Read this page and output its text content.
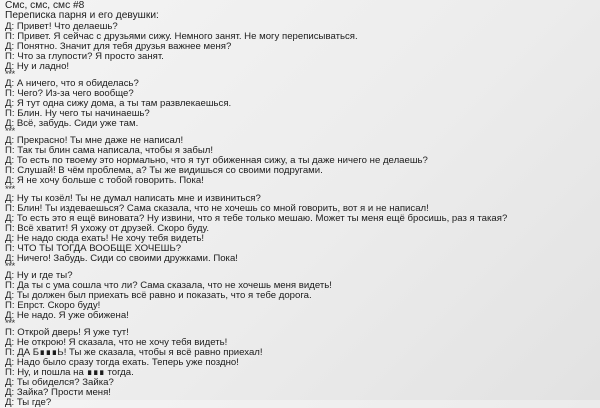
Смс, смс, смс #8
Переписка парня и его девушки:
Д: Привет! Что делаешь?
П: Привет. Я сейчас с друзьями сижу. Немного занят. Не могу переписываться.
Д: Понятно. Значит для тебя друзья важнее меня?
П: Что за глупости? Я просто занят.
Д: Ну и ладно!
***
Д: А ничего, что я обиделась?
П: Чего? Из-за чего вообще?
Д: Я тут одна сижу дома, а ты там развлекаешься.
П: Блин. Ну чего ты начинаешь?
Д: Всё, забудь. Сиди уже там.
***
Д: Прекрасно! Ты мне даже не написал!
П: Так ты блин сама написала, чтобы я забыл!
Д: То есть по твоему это нормально, что я тут обиженная сижу, а ты даже ничего не делаешь?
П: Слушай! В чём проблема, а? Ты же видишься со своими подругами.
Д: Я не хочу больше с тобой говорить. Пока!
***
Д: Ну ты козёл! Ты не думал написать мне и извиниться?
П: Блин! Ты издеваешься? Сама сказала, что не хочешь со мной говорить, вот я и не написал!
Д: То есть это я ещё виновата? Ну извини, что я тебе только мешаю. Может ты меня ещё бросишь, раз я такая?
П: Всё хватит! Я ухожу от друзей. Скоро буду.
Д: Не надо сюда ехать! Не хочу тебя видеть!
П: ЧТО ТЫ ТОГДА ВООБЩЕ ХОЧЕШЬ?
Д: Ничего! Забудь. Сиди со своими дружками. Пока!
***
Д: Ну и где ты?
П: Да ты с ума сошла что ли? Сама сказала, что не хочешь меня видеть!
Д: Ты должен был приехать всё равно и показать, что я тебе дорога.
П: Ёпрст. Скоро буду!
Д: Не надо. Я уже обижена!
***
П: Открой дверь! Я уже тут!
Д: Не открою! Я сказала, что не хочу тебя видеть!
П: ДА Б∎∎∎Ь! Ты же сказала, чтобы я всё равно приехал!
Д: Надо было сразу тогда ехать. Теперь уже поздно!
П: Ну, и пошла на ∎∎∎ тогда.
Д: Ты обиделся? Зайка?
Д: Зайка? Прости меня!
Д: Ты где?
